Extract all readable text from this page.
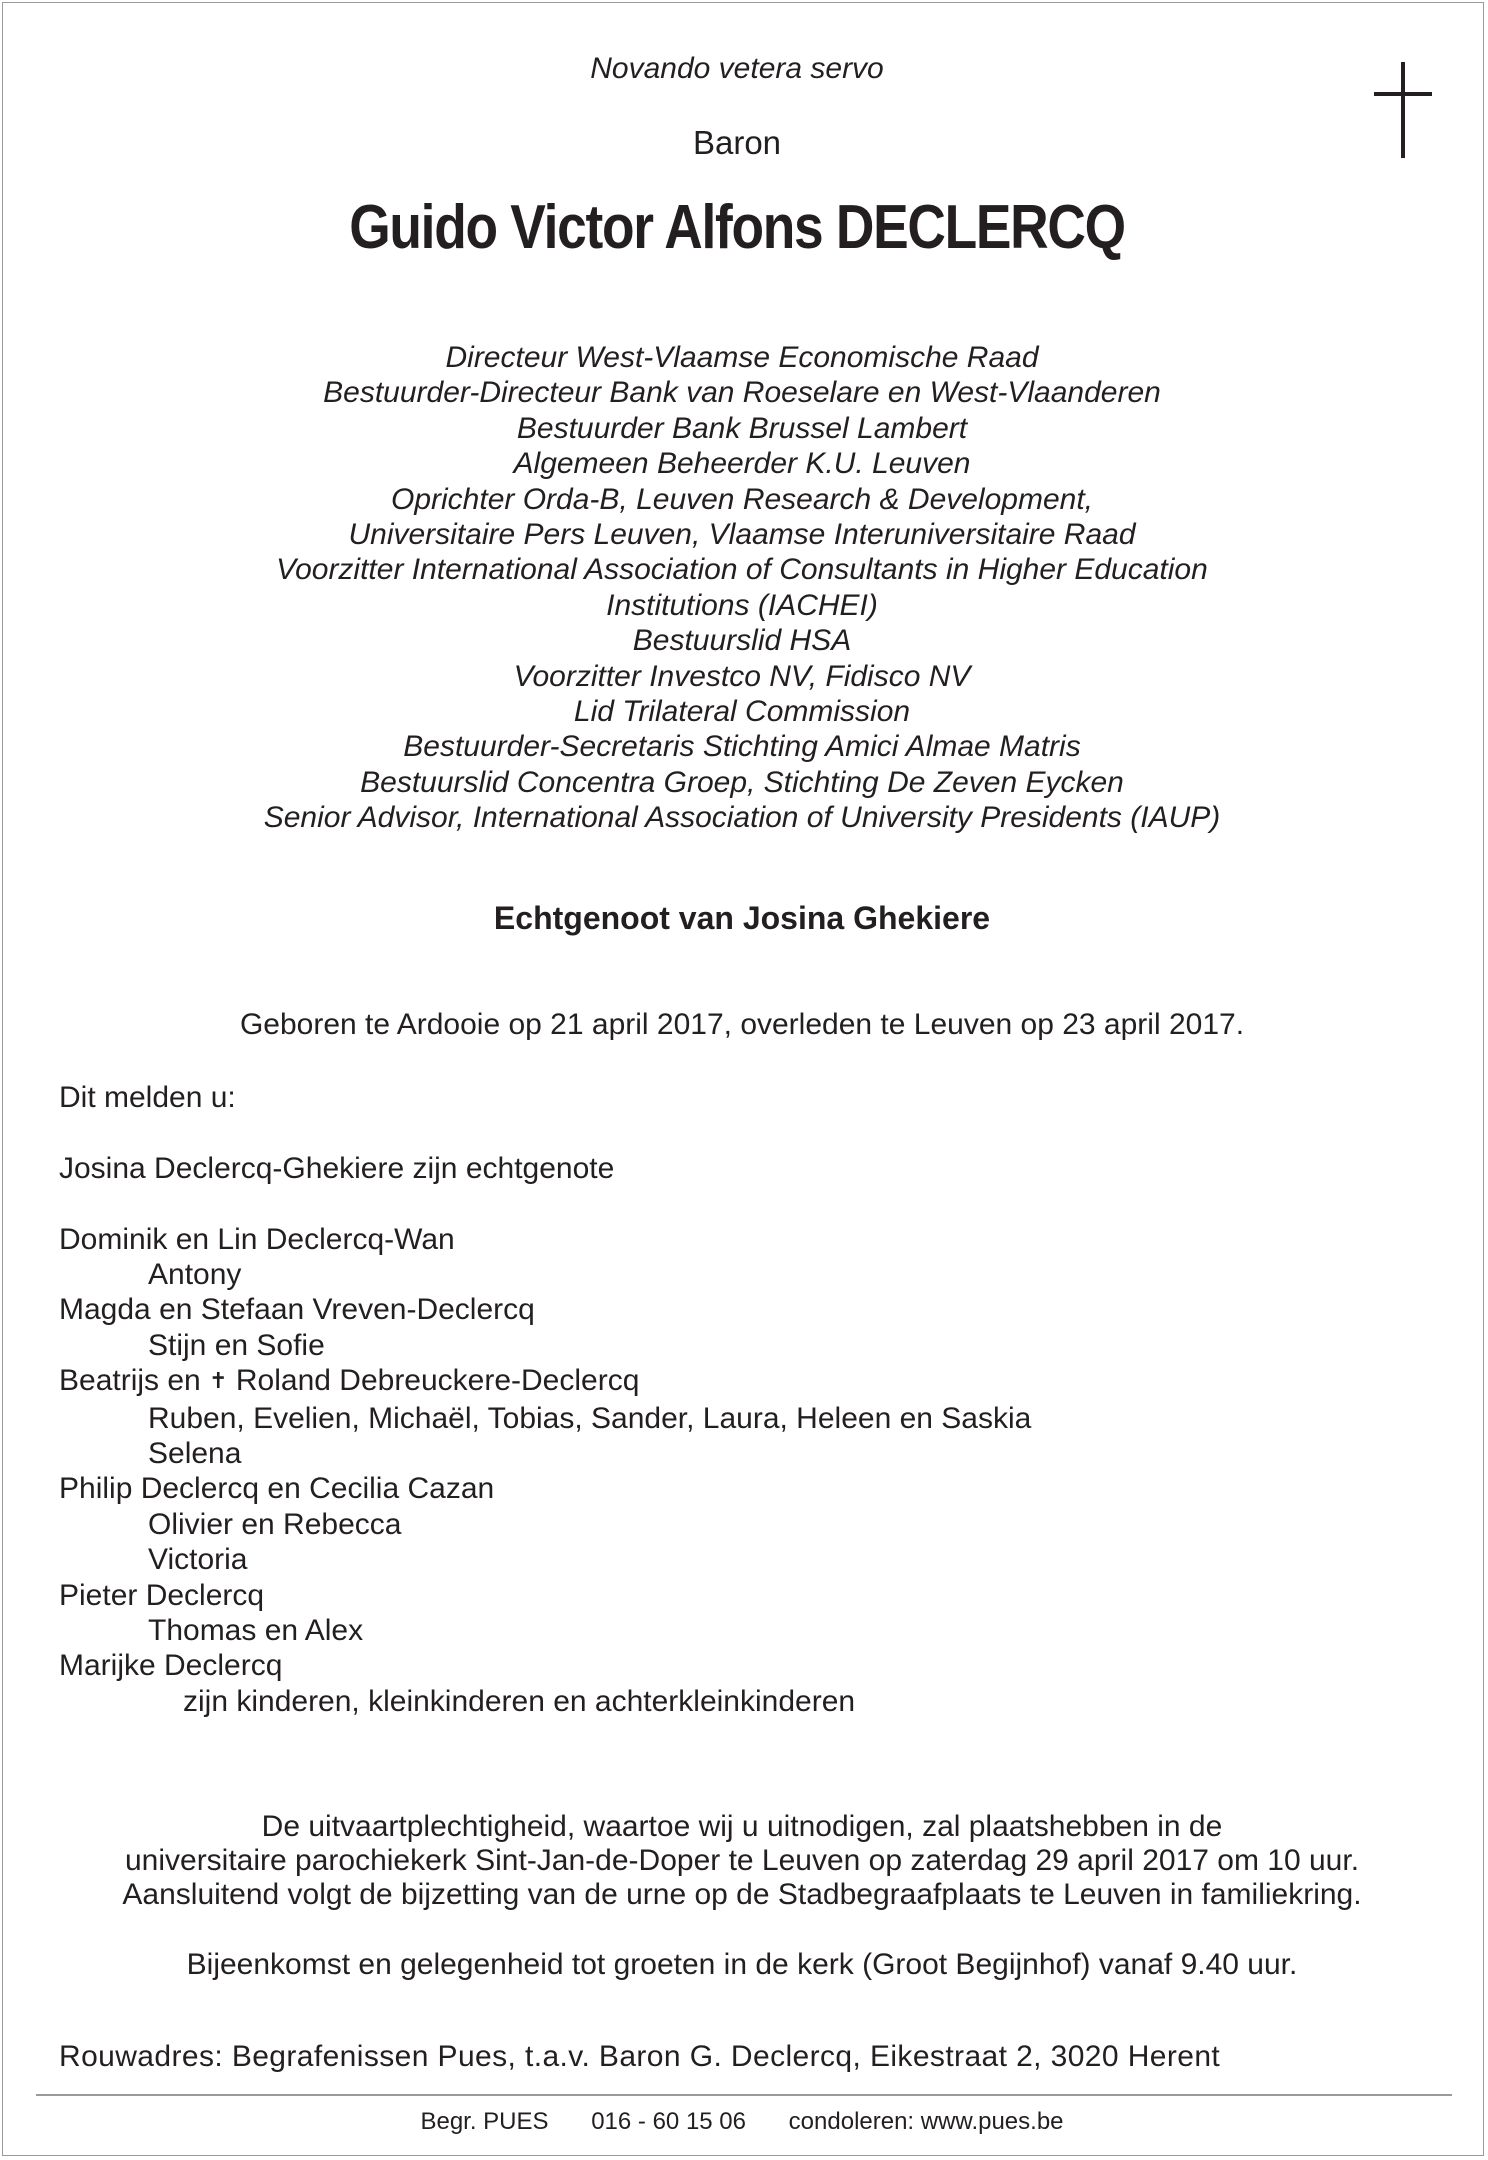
Novando vetera servo
Baron
Guido Victor Alfons DECLERCQ
Directeur West-Vlaamse Economische Raad
Bestuurder-Directeur Bank van Roeselare en West-Vlaanderen
Bestuurder Bank Brussel Lambert
Algemeen Beheerder K.U. Leuven
Oprichter Orda-B, Leuven Research & Development,
Universitaire Pers Leuven, Vlaamse Interuniversitaire Raad
Voorzitter International Association of Consultants in Higher Education
Institutions (IACHEI)
Bestuurslid HSA
Voorzitter Investco NV, Fidisco NV
Lid Trilateral Commission
Bestuurder-Secretaris Stichting Amici Almae Matris
Bestuurslid Concentra Groep, Stichting De Zeven Eycken
Senior Advisor, International Association of University Presidents (IAUP)
Echtgenoot van Josina Ghekiere
Geboren te Ardooie op 21 april 2017, overleden te Leuven op 23 april 2017.
Dit melden u:
Josina Declercq-Ghekiere zijn echtgenote
Dominik en Lin Declercq-Wan
Antony
Magda en Stefaan Vreven-Declercq
Stijn en Sofie
Beatrijs en ✝ Roland Debreuckere-Declercq
Ruben, Evelien, Michaël, Tobias, Sander, Laura, Heleen en Saskia
Selena
Philip Declercq en Cecilia Cazan
Olivier en Rebecca
Victoria
Pieter Declercq
Thomas en Alex
Marijke Declercq
zijn kinderen, kleinkinderen en achterkleinkinderen
De uitvaartplechtigheid, waartoe wij u uitnodigen, zal plaatshebben in de
universitaire parochiekerk Sint-Jan-de-Doper te Leuven op zaterdag 29 april 2017 om 10 uur.
Aansluitend volgt de bijzetting van de urne op de Stadbegraafplaats te Leuven in familiekring.
Bijeenkomst en gelegenheid tot groeten in de kerk (Groot Begijnhof) vanaf 9.40 uur.
Rouwadres: Begrafenissen Pues, t.a.v. Baron G. Declercq, Eikestraat 2, 3020 Herent
Begr. PUES 016 - 60 15 06 condoleren: www.pues.be
